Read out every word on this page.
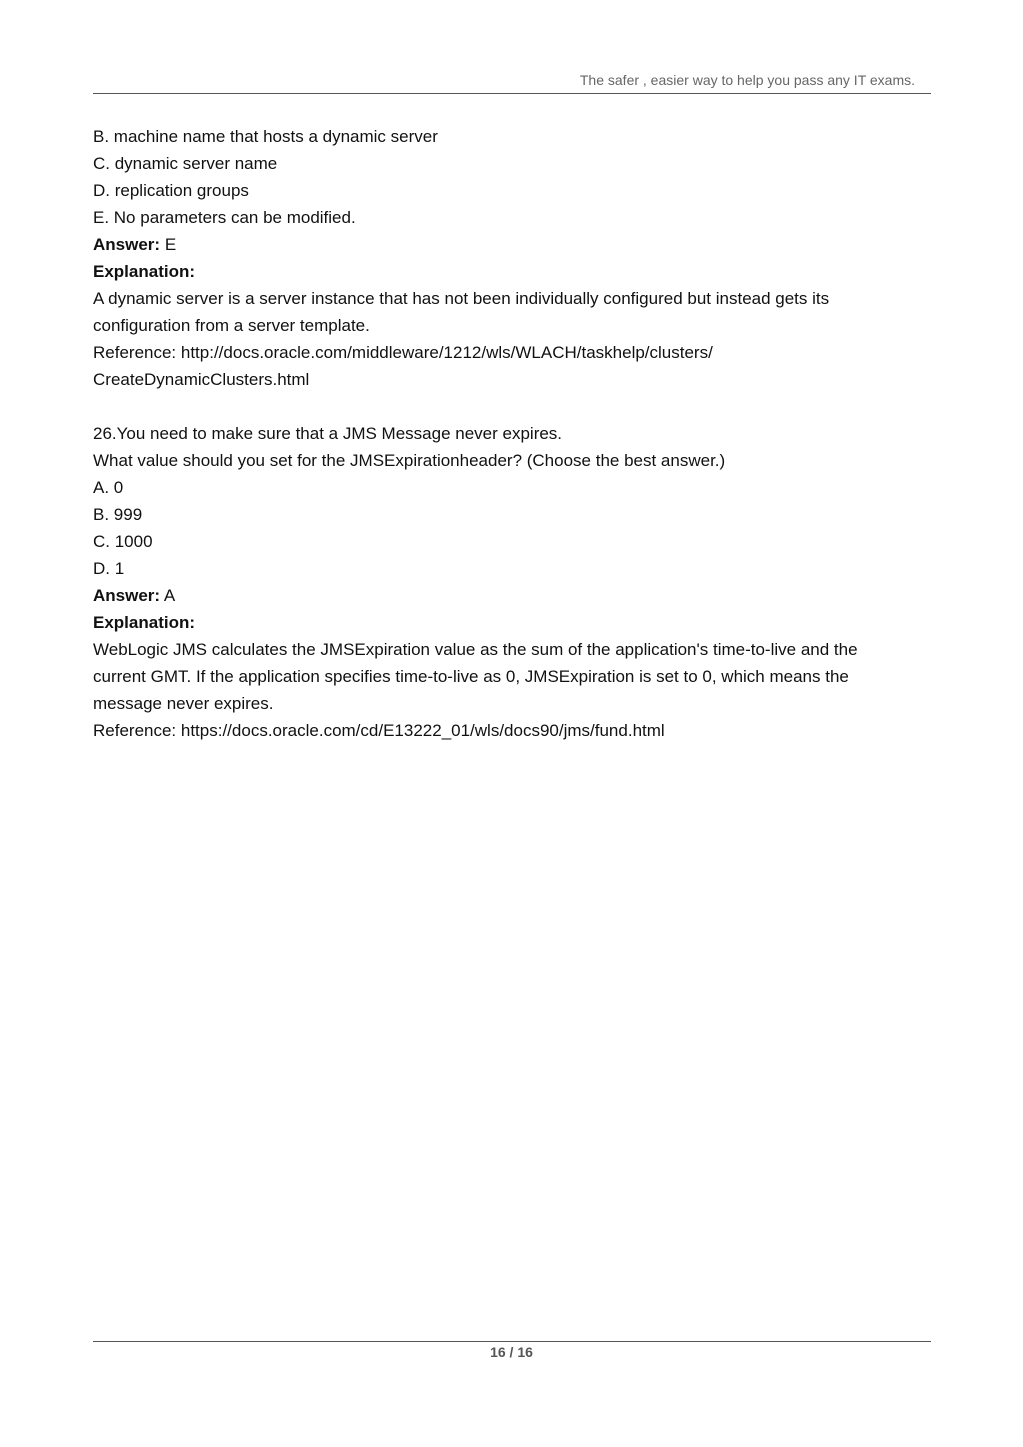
The safer , easier way to help you pass any IT exams.

B. machine name that hosts a dynamic server

C. dynamic server name

D. replication groups

E. No parameters can be modified.

Answer: E

Explanation:

A dynamic server is a server instance that has not been individually configured but instead gets its

configuration from a server template.

Reference: http://docs.oracle.com/middleware/1212/wls/WLACH/taskhelp/clusters/

CreateDynamicClusters.html

26.You need to make sure that a JMS Message never expires.

What value should you set for the JMSExpirationheader? (Choose the best answer.)

A. 0

B. 999

C. 1000

D. 1

Answer: A

Explanation:

WebLogic JMS calculates the JMSExpiration value as the sum of the application's time-to-live and the

current GMT. If the application specifies time-to-live as 0, JMSExpiration is set to 0, which means the

message never expires.

Reference: https://docs.oracle.com/cd/E13222_01/wls/docs90/jms/fund.html

16 / 16
